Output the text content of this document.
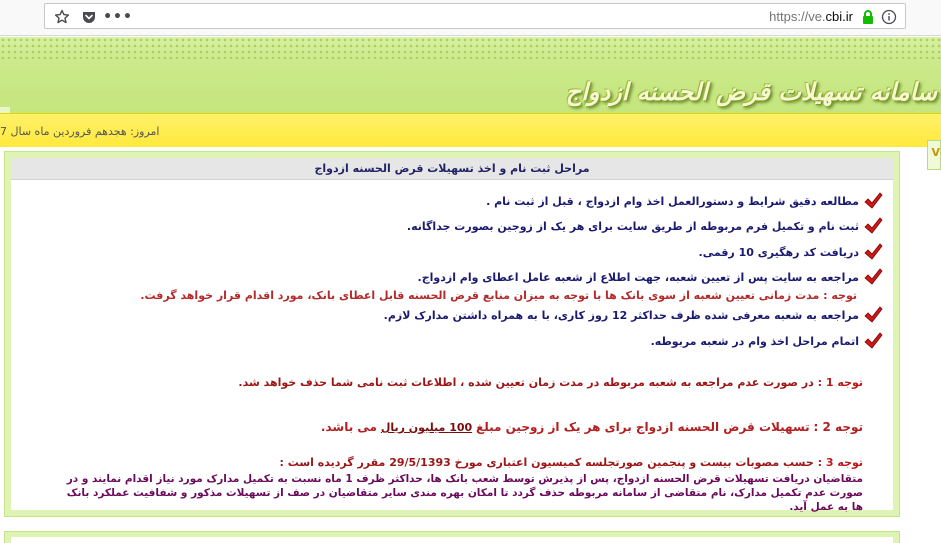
•••	https://ve.cbi.ir
سامانه تسهیلات قرض الحسنه ازدواج
امروز: هجدهم فروردین ماه سال 7
V
مراحل ثبت نام و اخذ تسهیلات قرض الحسنه ازدواج
مطالعه دقیق شرایط و دستورالعمل اخذ وام ازدواج ، قبل از ثبت نام .
ثبت نام و تکمیل فرم مربوطه از طریق سایت برای هر یک از زوجین بصورت جداگانه.
دریافت کد رهگیری 10 رقمی.
مراجعه به سایت پس از تعیین شعبه، جهت اطلاع از شعبه عامل اعطای وام ازدواج.
توجه : مدت زمانی تعیین شعبه از سوی بانک ها با توجه به میزان منابع قرض الحسنه قابل اعطای بانک، مورد اقدام قرار خواهد گرفت.
مراجعه به شعبه معرفی شده ظرف حداکثر 12 روز کاری، با به همراه داشتن مدارک لازم.
اتمام مراحل اخذ وام در شعبه مربوطه.
توجه 1 : در صورت عدم مراجعه به شعبه مربوطه در مدت زمان تعیین شده ، اطلاعات ثبت نامی شما حذف خواهد شد.
توجه 2 : تسهیلات قرض الحسنه ازدواج برای هر یک از زوجین مبلغ 100 میلیون ریال می باشد.
توجه 3 : حسب مصوبات بیست و پنجمین صورتجلسه کمیسیون اعتباری مورخ 29/5/1393 مقرر گردیده است :
متقاضیان دریافت تسهیلات قرض الحسنه ازدواج، پس از پذیرش توسط شعب بانک ها، حداکثر ظرف 1 ماه نسبت به تکمیل مدارک مورد نیاز اقدام نمایند و در صورت عدم تکمیل مدارک، نام متقاضی از سامانه مربوطه حذف گردد تا امکان بهره مندی سایر متقاضیان در صف از تسهیلات مذکور و شفافیت عملکرد بانک ها به عمل آید.
